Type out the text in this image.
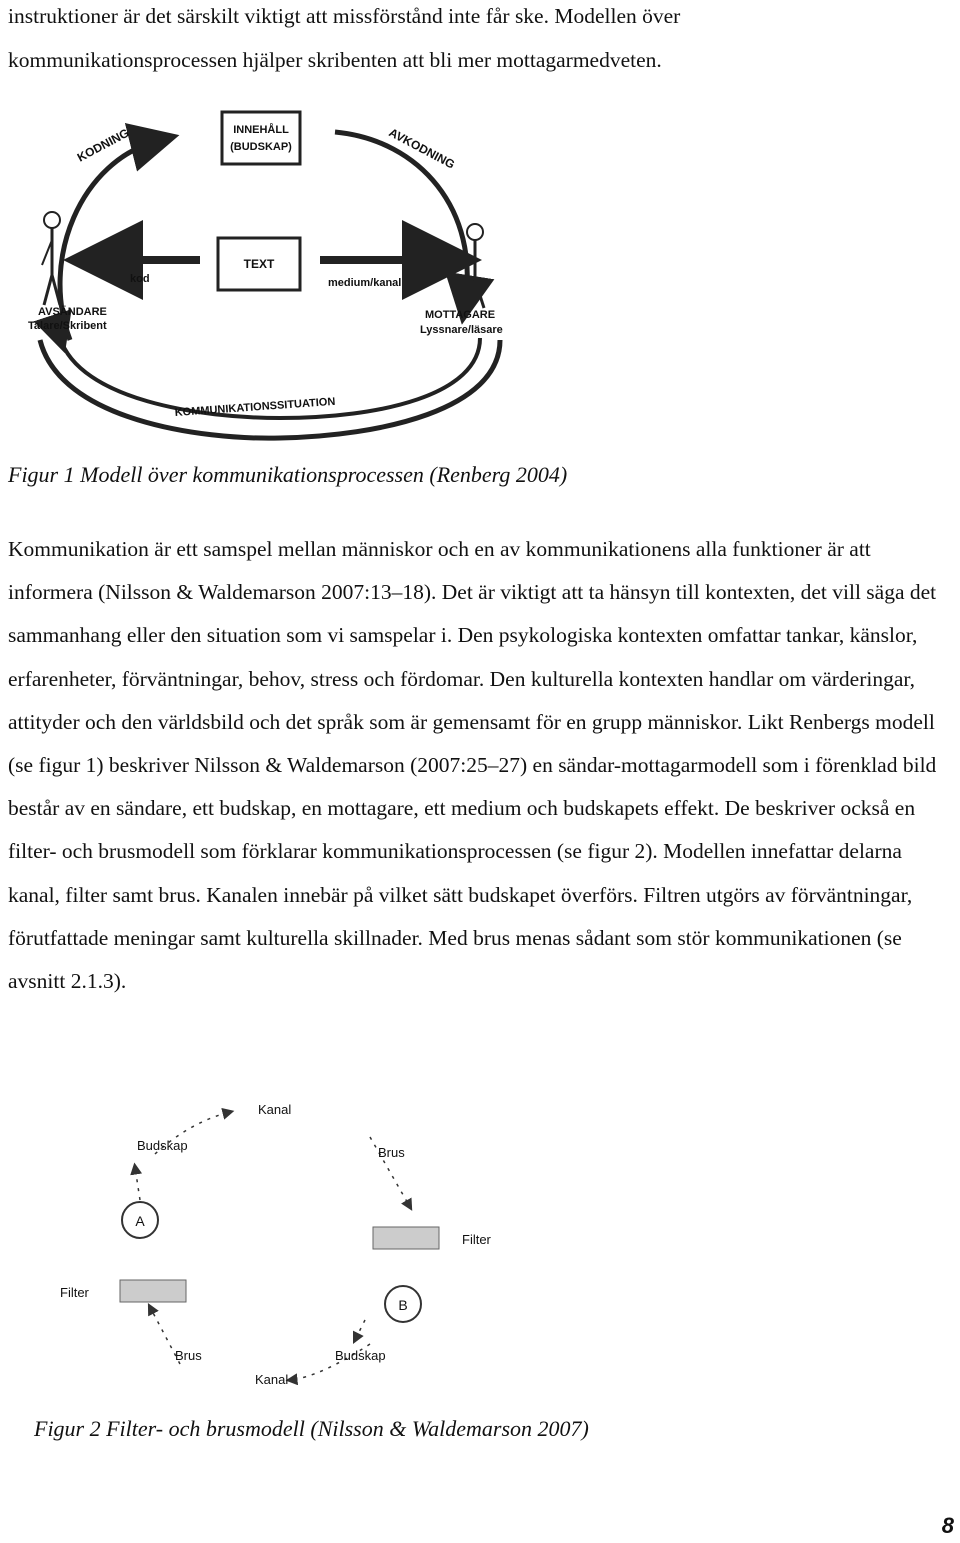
instruktioner är det särskilt viktigt att missförstånd inte får ske. Modellen över

kommunikationsprocessen hjälper skribenten att bli mer mottagarmedveten.

INNEHÅLL
(BUDSKAP)
TEXT
KODNING	AVKODNING
kod	medium/kanal
AVSÄNDARE
Talare/Skribent
MOTTAGARE
Lyssnare/läsare
KOMMUNIKATIONSSITUATION
Figur 1 Modell över kommunikationsprocessen (Renberg 2004)

Kommunikation är ett samspel mellan människor och en av kommunikationens alla funktioner är att informera (Nilsson & Waldemarson 2007:13–18). Det är viktigt att ta hänsyn till kontexten, det vill säga det sammanhang eller den situation som vi samspelar i. Den psykologiska kontexten omfattar tankar, känslor, erfarenheter, förväntningar, behov, stress och fördomar. Den kulturella kontexten handlar om värderingar, attityder och den världsbild och det språk som är gemensamt för en grupp människor. Likt Renbergs modell (se figur 1) beskriver Nilsson & Waldemarson (2007:25–27) en sändar-mottagarmodell som i förenklad bild består av en sändare, ett budskap, en mottagare, ett medium och budskapets effekt. De beskriver också en filter- och brusmodell som förklarar kommunikationsprocessen (se figur 2). Modellen innefattar delarna kanal, filter samt brus. Kanalen innebär på vilket sätt budskapet överförs. Filtren utgörs av förväntningar, förutfattade meningar samt kulturella skillnader. Med brus menas sådant som stör kommunikationen (se avsnitt 2.1.3).

A
B
Kanal
Budskap	Brus
Filter
Filter
Brus	Budskap
Kanal
Figur 2 Filter- och brusmodell (Nilsson & Waldemarson 2007)
8
